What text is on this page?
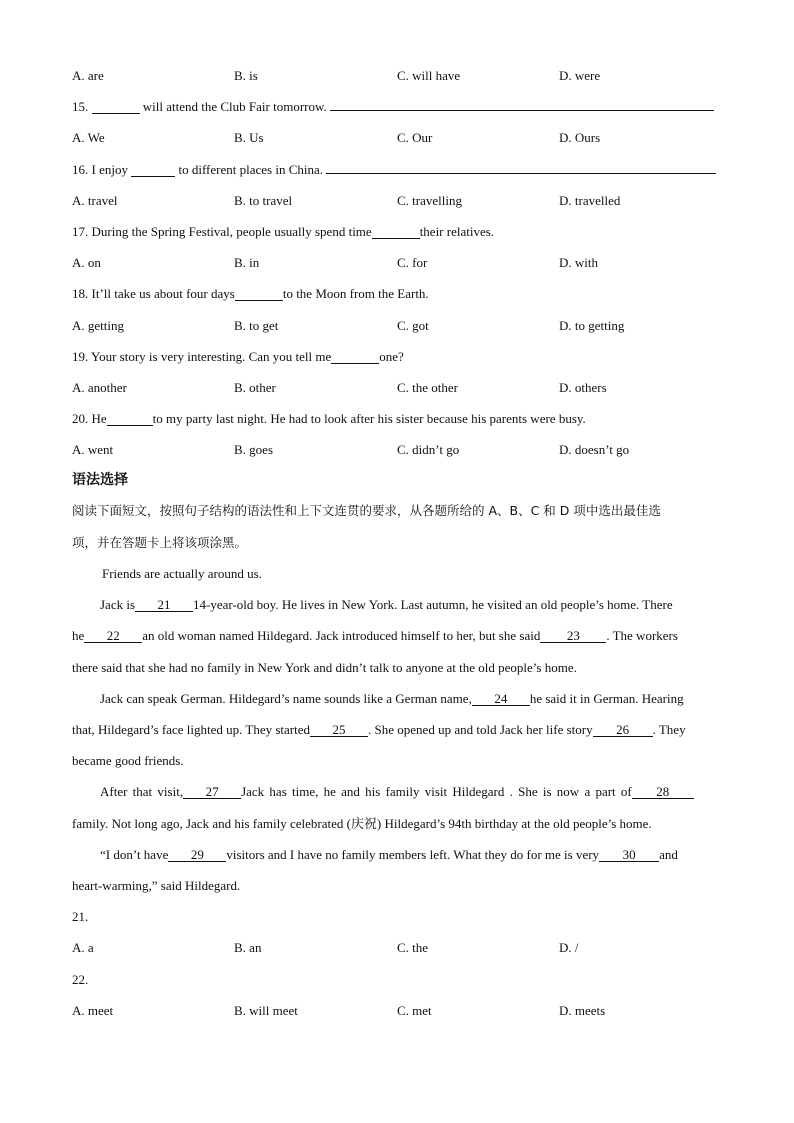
A. are	B. is	C. will have	D. were
15.	will attend the Club Fair tomorrow.
A. We	B. Us	C. Our	D. Ours
16. I enjoy	to different places in China.
A. travel	B. to travel	C. travelling	D. travelled
17. During the Spring Festival, people usually spend time	their relatives.
A. on	B. in	C. for	D. with
18. It’ll take us about four days	to the Moon from the Earth.
A. getting	B. to get	C. got	D. to getting
19. Your story is very interesting. Can you tell me	one?
A. another	B. other	C. the other	D. others
20. He	to my party last night. He had to look after his sister because his parents were busy.
A. went	B. goes	C. didn’t go	D. doesn’t go
语法选择
阅读下面短文，按照句子结构的语法性和上下文连贯的要求，从各题所给的 A、B、C 和 D 项中选出最佳选
项，并在答题卡上将该项涂黑。
Friends are actually around us.
Jack is 21 14-year-old boy. He lives in New York. Last autumn, he visited an old people’s home. There
he 22 an old woman named Hildegard. Jack introduced himself to her, but she said 23 . The workers
there said that she had no family in New York and didn’t talk to anyone at the old people’s home.
Jack can speak German. Hildegard’s name sounds like a German name, 24 he said it in German. Hearing
that, Hildegard’s face lighted up. They started 25 . She opened up and told Jack her life story 26 . They
became good friends.
After that visit, 27 Jack has time, he and his family visit Hildegard . She is now a part of 28
family. Not long ago, Jack and his family celebrated (庆祝) Hildegard’s 94th birthday at the old people’s home.
“I don’t have 29 visitors and I have no family members left. What they do for me is very 30 and
heart-warming,” said Hildegard.
21.
A. a	B. an	C. the	D. /
22.
A. meet	B. will meet	C. met	D. meets
